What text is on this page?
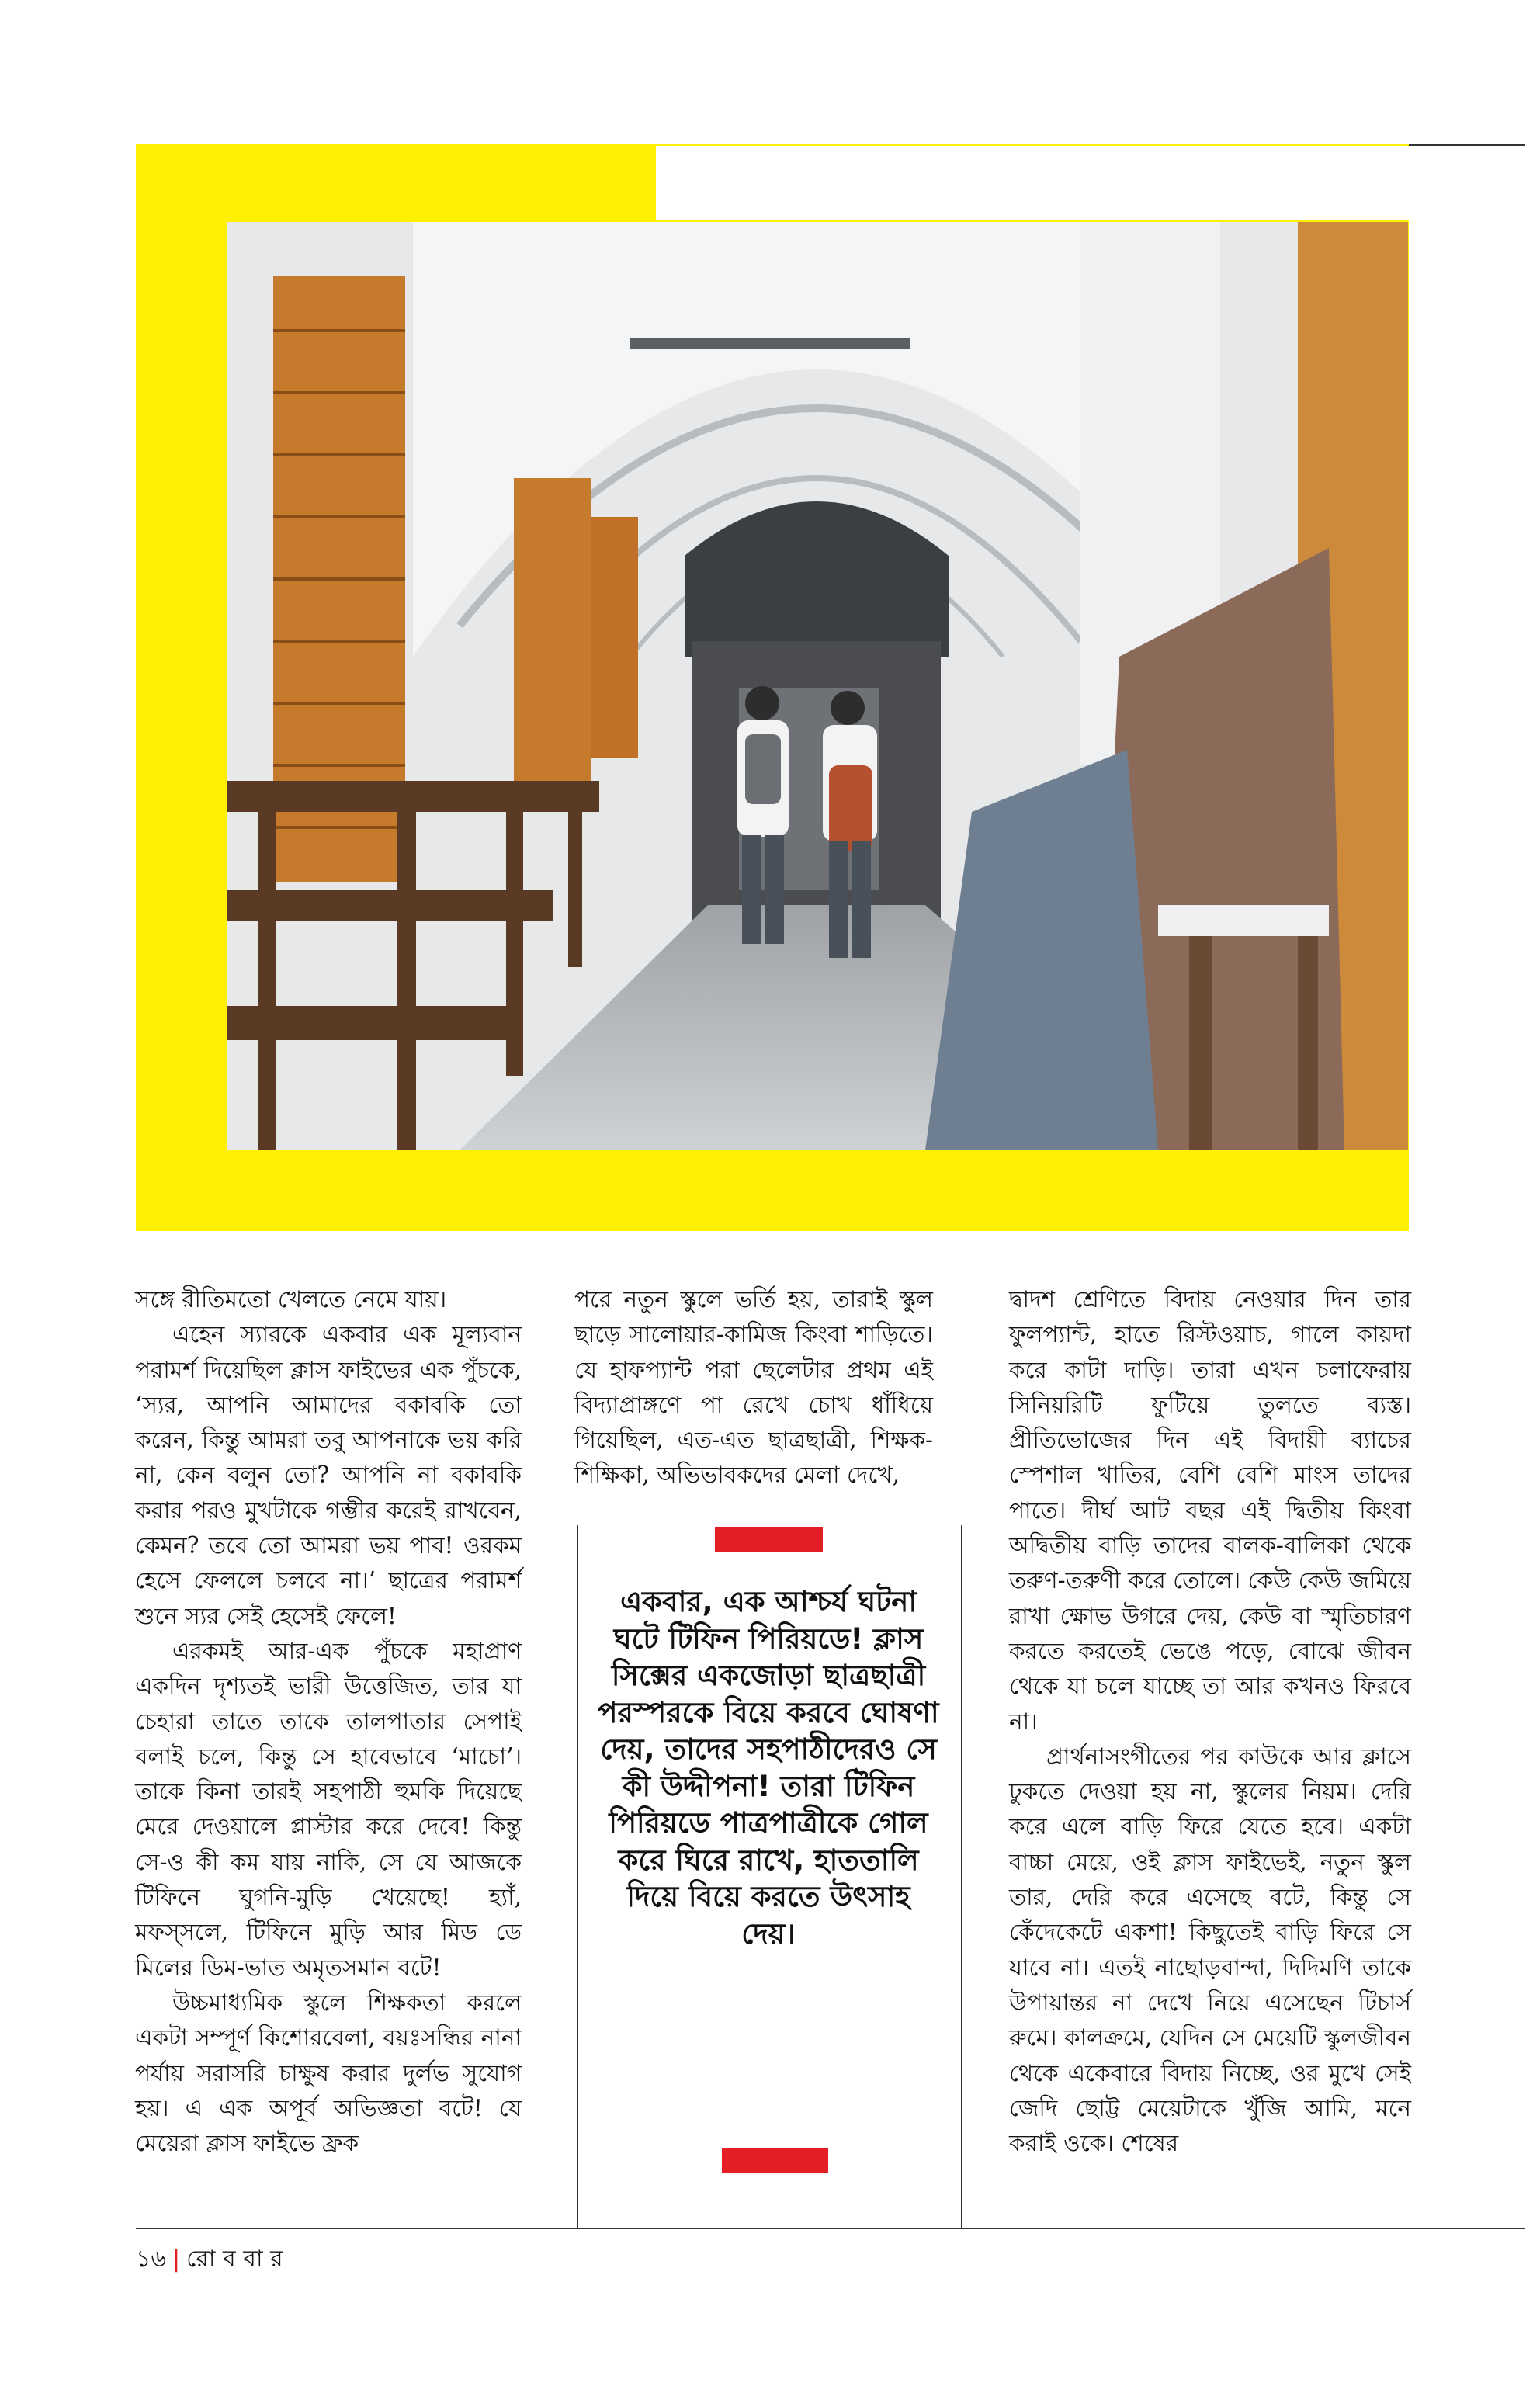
সঙ্গে রীতিমতো খেলতে নেমে যায়।

এহেন স্যারকে একবার এক মূল্যবান পরামর্শ দিয়েছিল ক্লাস ফাইভের এক পুঁচকে, ‘স্যর, আপনি আমাদের বকাবকি তো করেন, কিন্তু আমরা তবু আপনাকে ভয় করি না, কেন বলুন তো? আপনি না বকাবকি করার পরও মুখটাকে গম্ভীর করেই রাখবেন, কেমন? তবে তো আমরা ভয় পাব! ওরকম হেসে ফেললে চলবে না।’ ছাত্রের পরামর্শ শুনে স্যর সেই হেসেই ফেলে!

এরকমই আর-এক পুঁচকে মহাপ্রাণ একদিন দৃশ্যতই ভারী উত্তেজিত, তার যা চেহারা তাতে তাকে তালপাতার সেপাই বলাই চলে, কিন্তু সে হাবেভাবে ‘মাচো’। তাকে কিনা তারই সহপাঠী হুমকি দিয়েছে মেরে দেওয়ালে প্লাস্টার করে দেবে! কিন্তু সে-ও কী কম যায় নাকি, সে যে আজকে টিফিনে ঘুগনি-মুড়ি খেয়েছে! হ্যাঁ, মফস্সলে, টিফিনে মুড়ি আর মিড ডে মিলের ডিম-ভাত অমৃতসমান বটে!

উচ্চমাধ্যমিক স্কুলে শিক্ষকতা করলে একটা সম্পূর্ণ কিশোরবেলা, বয়ঃসন্ধির নানা পর্যায় সরাসরি চাক্ষুষ করার দুর্লভ সুযোগ হয়। এ এক অপূর্ব অভিজ্ঞতা বটে! যে মেয়েরা ক্লাস ফাইভে ফ্রক

পরে নতুন স্কুলে ভর্তি হয়, তারাই স্কুল ছাড়ে সালোয়ার-কামিজ কিংবা শাড়িতে। যে হাফপ্যান্ট পরা ছেলেটার প্রথম এই বিদ্যাপ্রাঙ্গণে পা রেখে চোখ ধাঁধিয়ে গিয়েছিল, এত-এত ছাত্রছাত্রী, শিক্ষক-শিক্ষিকা, অভিভাবকদের মেলা দেখে,

দ্বাদশ শ্রেণিতে বিদায় নেওয়ার দিন তার ফুলপ্যান্ট, হাতে রিস্টওয়াচ, গালে কায়দা করে কাটা দাড়ি। তারা এখন চলাফেরায় সিনিয়রিটি ফুটিয়ে তুলতে ব্যস্ত। প্রীতিভোজের দিন এই বিদায়ী ব্যাচের স্পেশাল খাতির, বেশি বেশি মাংস তাদের পাতে। দীর্ঘ আট বছর এই দ্বিতীয় কিংবা অদ্বিতীয় বাড়ি তাদের বালক-বালিকা থেকে তরুণ-তরুণী করে তোলে। কেউ কেউ জমিয়ে রাখা ক্ষোভ উগরে দেয়, কেউ বা স্মৃতিচারণ করতে করতেই ভেঙে পড়ে, বোঝে জীবন থেকে যা চলে যাচ্ছে তা আর কখনও ফিরবে না।

প্রার্থনাসংগীতের পর কাউকে আর ক্লাসে ঢুকতে দেওয়া হয় না, স্কুলের নিয়ম। দেরি করে এলে বাড়ি ফিরে যেতে হবে। একটা বাচ্চা মেয়ে, ওই ক্লাস ফাইভেই, নতুন স্কুল তার, দেরি করে এসেছে বটে, কিন্তু সে কেঁদেকেটে একশা! কিছুতেই বাড়ি ফিরে সে যাবে না। এতই নাছোড়বান্দা, দিদিমণি তাকে উপায়ান্তর না দেখে নিয়ে এসেছেন টিচার্স রুমে। কালক্রমে, যেদিন সে মেয়েটি স্কুলজীবন থেকে একেবারে বিদায় নিচ্ছে, ওর মুখে সেই জেদি ছোট্ট মেয়েটাকে খুঁজি আমি, মনে করাই ওকে। শেষের

একবার, এক আশ্চর্য ঘটনা ঘটে টিফিন পিরিয়ডে! ক্লাস সিক্সের একজোড়া ছাত্রছাত্রী পরস্পরকে বিয়ে করবে ঘোষণা দেয়, তাদের সহপাঠীদেরও সে কী উদ্দীপনা! তারা টিফিন পিরিয়ডে পাত্রপাত্রীকে গোল করে ঘিরে রাখে, হাততালি দিয়ে বিয়ে করতে উৎসাহ দেয়।
১৬ | রো ব বা র
